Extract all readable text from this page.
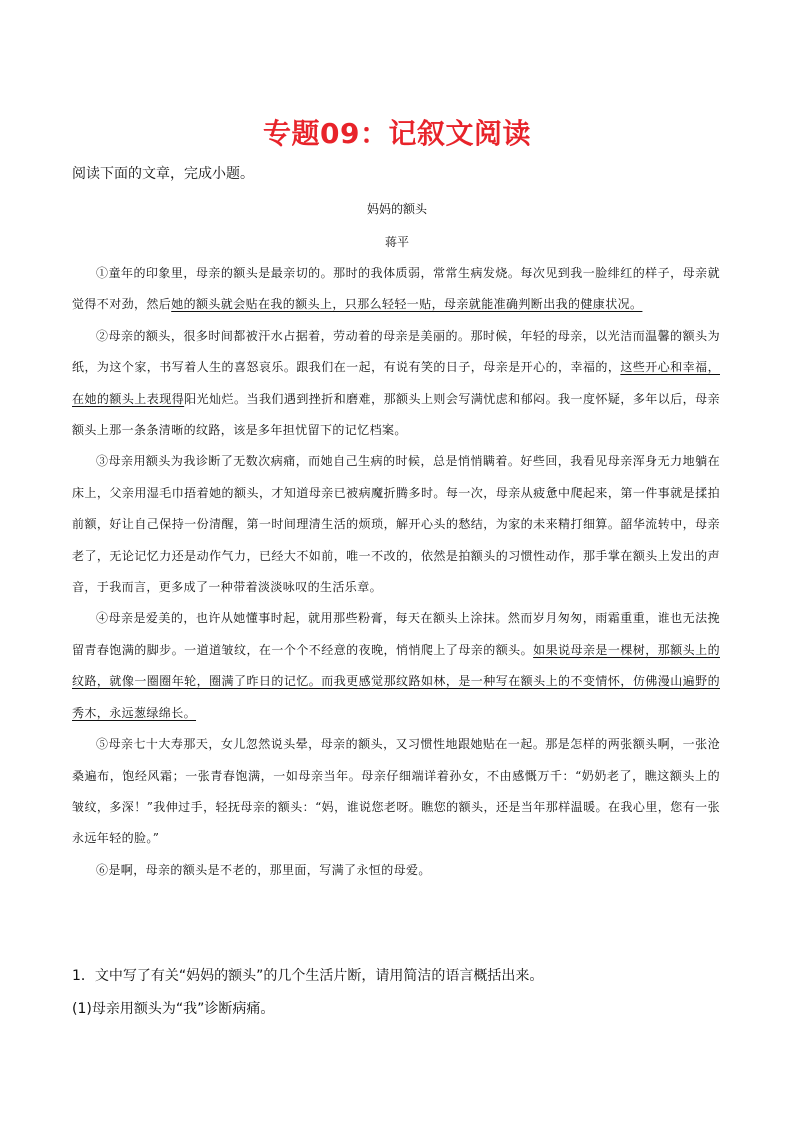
专题09：记叙文阅读
阅读下面的文章，完成小题。
妈妈的额头
蒋平

①童年的印象里，母亲的额头是最亲切的。那时的我体质弱，常常生病发烧。每次见到我一脸绯红的样子，母亲就觉得不对劲，然后她的额头就会贴在我的额头上，只那么轻轻一贴，母亲就能准确判断出我的健康状况。

②母亲的额头，很多时间都被汗水占据着，劳动着的母亲是美丽的。那时候，年轻的母亲，以光洁而温馨的额头为纸，为这个家，书写着人生的喜怒哀乐。跟我们在一起，有说有笑的日子，母亲是开心的，幸福的，这些开心和幸福，在她的额头上表现得阳光灿烂。当我们遇到挫折和磨难，那额头上则会写满忧虑和郁闷。我一度怀疑，多年以后，母亲额头上那一条条清晰的纹路，该是多年担忧留下的记忆档案。

③母亲用额头为我诊断了无数次病痛，而她自己生病的时候，总是悄悄瞒着。好些回，我看见母亲浑身无力地躺在床上，父亲用湿毛巾捂着她的额头，才知道母亲已被病魔折腾多时。每一次，母亲从疲惫中爬起来，第一件事就是揉拍前额，好让自己保持一份清醒，第一时间理清生活的烦琐，解开心头的愁结，为家的未来精打细算。韶华流转中，母亲老了，无论记忆力还是动作气力，已经大不如前，唯一不改的，依然是拍额头的习惯性动作，那手掌在额头上发出的声音，于我而言，更多成了一种带着淡淡咏叹的生活乐章。

④母亲是爱美的，也许从她懂事时起，就用那些粉膏，每天在额头上涂抹。然而岁月匆匆，雨霜重重，谁也无法挽留青春饱满的脚步。一道道皱纹，在一个个不经意的夜晚，悄悄爬上了母亲的额头。如果说母亲是一棵树，那额头上的纹路，就像一圈圈年轮，圈满了昨日的记忆。而我更感觉那纹路如林，是一种写在额头上的不变情怀，仿佛漫山遍野的秀木，永远葱绿绵长。

⑤母亲七十大寿那天，女儿忽然说头晕，母亲的额头，又习惯性地跟她贴在一起。那是怎样的两张额头啊，一张沧桑遍布，饱经风霜；一张青春饱满，一如母亲当年。母亲仔细端详着孙女，不由感慨万千：“奶奶老了，瞧这额头上的皱纹，多深！”我伸过手，轻抚母亲的额头：“妈，谁说您老呀。瞧您的额头，还是当年那样温暖。在我心里，您有一张永远年轻的脸。”

⑥是啊，母亲的额头是不老的，那里面，写满了永恒的母爱。

1．文中写了有关“妈妈的额头”的几个生活片断，请用简洁的语言概括出来。
(1)母亲用额头为“我”诊断病痛。
